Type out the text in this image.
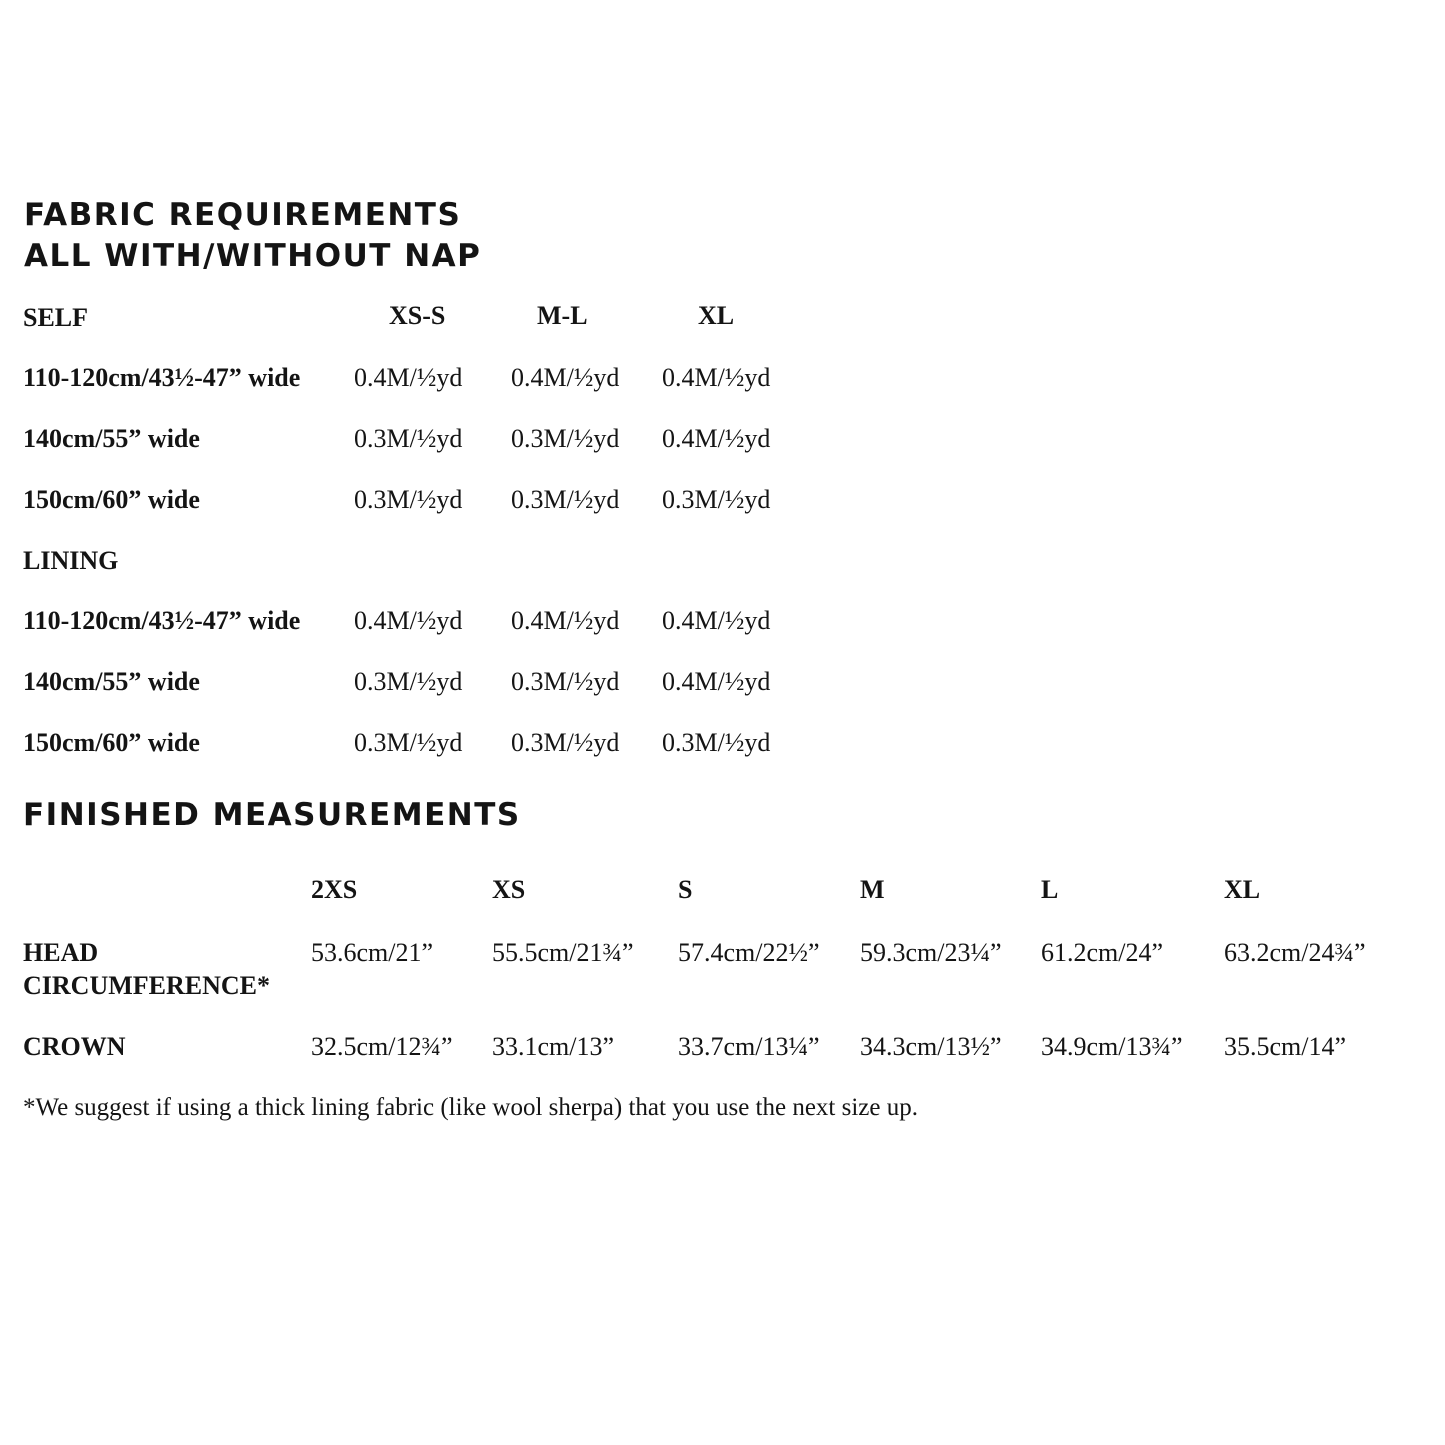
FABRIC REQUIREMENTS
ALL WITH/WITHOUT NAP
SELF	XS-S	M-L	XL
110-120cm/43½-47” wide 0.4M/½yd 0.4M/½yd 0.4M/½yd
140cm/55” wide	0.3M/½yd 0.3M/½yd 0.4M/½yd
150cm/60” wide	0.3M/½yd 0.3M/½yd 0.3M/½yd
LINING
110-120cm/43½-47” wide 0.4M/½yd 0.4M/½yd 0.4M/½yd
140cm/55” wide	0.3M/½yd 0.3M/½yd 0.4M/½yd
150cm/60” wide	0.3M/½yd 0.3M/½yd 0.3M/½yd
FINISHED MEASUREMENTS
2XS	XS	S	M	L	XL
HEAD
CIRCUMFERENCE*
53.6cm/21” 55.5cm/21¾” 57.4cm/22½” 59.3cm/23¼” 61.2cm/24” 63.2cm/24¾”
CROWN	32.5cm/12¾” 33.1cm/13” 33.7cm/13¼” 34.3cm/13½” 34.9cm/13¾” 35.5cm/14”
*We suggest if using a thick lining fabric (like wool sherpa) that you use the next size up.
